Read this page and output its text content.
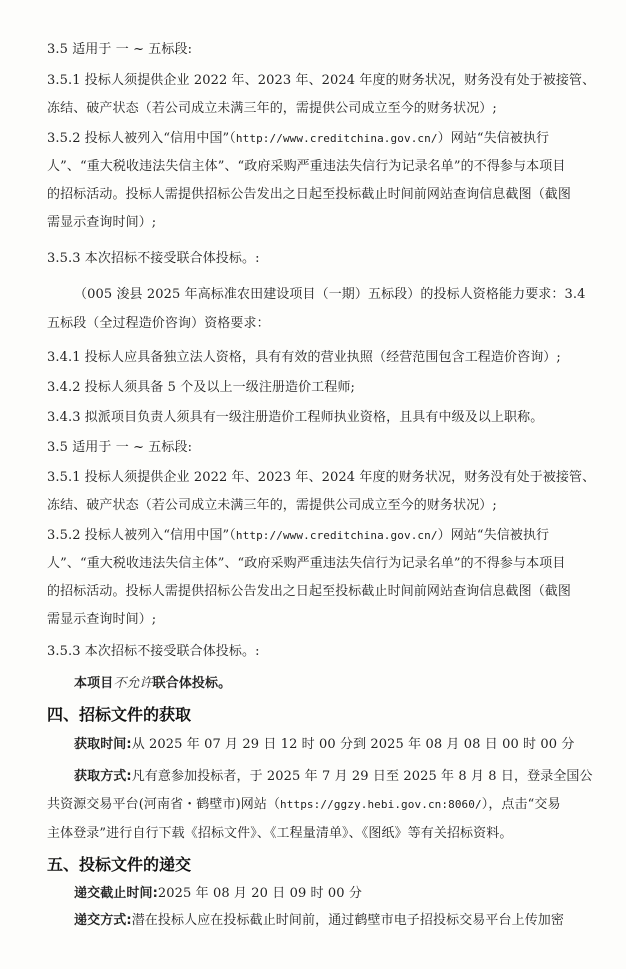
3.5 适用于 一 ~ 五标段:
3.5.1 投标人须提供企业 2022 年、2023 年、2024 年度的财务状况，财务没有处于被接管、
冻结、破产状态（若公司成立未满三年的，需提供公司成立至今的财务状况）;
3.5.2 投标人被列入“信用中国”（http://www.creditchina.gov.cn/）网站“失信被执行
人”、“重大税收违法失信主体”、“政府采购严重违法失信行为记录名单”的不得参与本项目
的招标活动。投标人需提供招标公告发出之日起至投标截止时间前网站查询信息截图（截图
需显示查询时间）;
3.5.3 本次招标不接受联合体投标。:
（005 浚县 2025 年高标准农田建设项目（一期）五标段）的投标人资格能力要求：3.4
五标段（全过程造价咨询）资格要求：
3.4.1 投标人应具备独立法人资格，具有有效的营业执照（经营范围包含工程造价咨询）;
3.4.2 投标人须具备 5 个及以上一级注册造价工程师;
3.4.3 拟派项目负责人须具有一级注册造价工程师执业资格，且具有中级及以上职称。
3.5 适用于 一 ~ 五标段:
3.5.1 投标人须提供企业 2022 年、2023 年、2024 年度的财务状况，财务没有处于被接管、
冻结、破产状态（若公司成立未满三年的，需提供公司成立至今的财务状况）;
3.5.2 投标人被列入“信用中国”（http://www.creditchina.gov.cn/）网站“失信被执行
人”、“重大税收违法失信主体”、“政府采购严重违法失信行为记录名单”的不得参与本项目
的招标活动。投标人需提供招标公告发出之日起至投标截止时间前网站查询信息截图（截图
需显示查询时间）;
3.5.3 本次招标不接受联合体投标。:
本项目不允许联合体投标。
四、招标文件的获取
获取时间:从 2025 年 07 月 29 日 12 时 00 分到 2025 年 08 月 08 日 00 时 00 分
获取方式:凡有意参加投标者，于 2025 年 7 月 29 日至 2025 年 8 月 8 日，登录全国公
共资源交易平台(河南省・鹤壁市)网站（https://ggzy.hebi.gov.cn:8060/），点击“交易
主体登录”进行自行下载《招标文件》、《工程量清单》、《图纸》等有关招标资料。
五、投标文件的递交
递交截止时间:2025 年 08 月 20 日 09 时 00 分
递交方式:潜在投标人应在投标截止时间前，通过鹤壁市电子招投标交易平台上传加密
